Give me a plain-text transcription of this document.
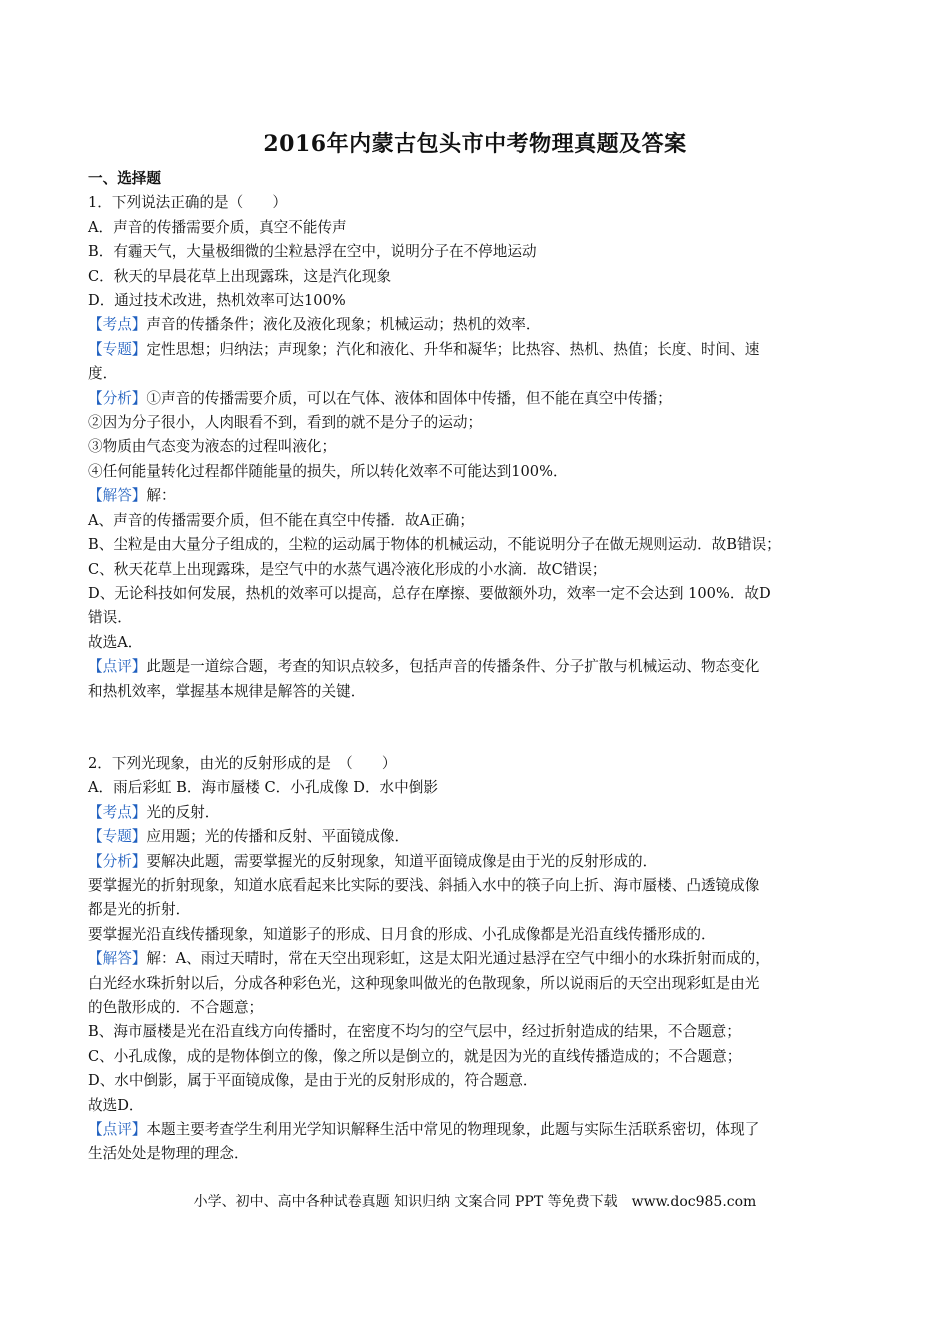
2016年内蒙古包头市中考物理真题及答案
一、选择题
1．下列说法正确的是（　　）
A．声音的传播需要介质，真空不能传声
B．有霾天气，大量极细微的尘粒悬浮在空中，说明分子在不停地运动
C．秋天的早晨花草上出现露珠，这是汽化现象
D．通过技术改进，热机效率可达100%
【考点】声音的传播条件；液化及液化现象；机械运动；热机的效率．
【专题】定性思想；归纳法；声现象；汽化和液化、升华和凝华；比热容、热机、热值；长度、时间、速
度．
【分析】①声音的传播需要介质，可以在气体、液体和固体中传播，但不能在真空中传播；
②因为分子很小，人肉眼看不到，看到的就不是分子的运动；
③物质由气态变为液态的过程叫液化；
④任何能量转化过程都伴随能量的损失，所以转化效率不可能达到100%．
【解答】解：
A、声音的传播需要介质，但不能在真空中传播．故A正确；
B、尘粒是由大量分子组成的，尘粒的运动属于物体的机械运动，不能说明分子在做无规则运动．故B错误；
C、秋天花草上出现露珠，是空气中的水蒸气遇冷液化形成的小水滴．故C错误；
D、无论科技如何发展，热机的效率可以提高，总存在摩擦、要做额外功，效率一定不会达到 100%．故D
错误．
故选A．
【点评】此题是一道综合题，考查的知识点较多，包括声音的传播条件、分子扩散与机械运动、物态变化
和热机效率，掌握基本规律是解答的关键．
2．下列光现象，由光的反射形成的是　（　　）
A．雨后彩虹 B．海市蜃楼 C．小孔成像 D．水中倒影
【考点】光的反射．
【专题】应用题；光的传播和反射、平面镜成像．
【分析】要解决此题，需要掌握光的反射现象，知道平面镜成像是由于光的反射形成的．
要掌握光的折射现象，知道水底看起来比实际的要浅、斜插入水中的筷子向上折、海市蜃楼、凸透镜成像
都是光的折射．
要掌握光沿直线传播现象，知道影子的形成、日月食的形成、小孔成像都是光沿直线传播形成的．
【解答】解：A、雨过天晴时，常在天空出现彩虹，这是太阳光通过悬浮在空气中细小的水珠折射而成的，
白光经水珠折射以后，分成各种彩色光，这种现象叫做光的色散现象，所以说雨后的天空出现彩虹是由光
的色散形成的．不合题意；
B、海市蜃楼是光在沿直线方向传播时，在密度不均匀的空气层中，经过折射造成的结果，不合题意；
C、小孔成像，成的是物体倒立的像，像之所以是倒立的，就是因为光的直线传播造成的；不合题意；
D、水中倒影，属于平面镜成像，是由于光的反射形成的，符合题意．
故选D．
【点评】本题主要考查学生利用光学知识解释生活中常见的物理现象，此题与实际生活联系密切，体现了
生活处处是物理的理念．
小学、初中、高中各种试卷真题 知识归纳 文案合同 PPT 等免费下载　www.doc985.com
